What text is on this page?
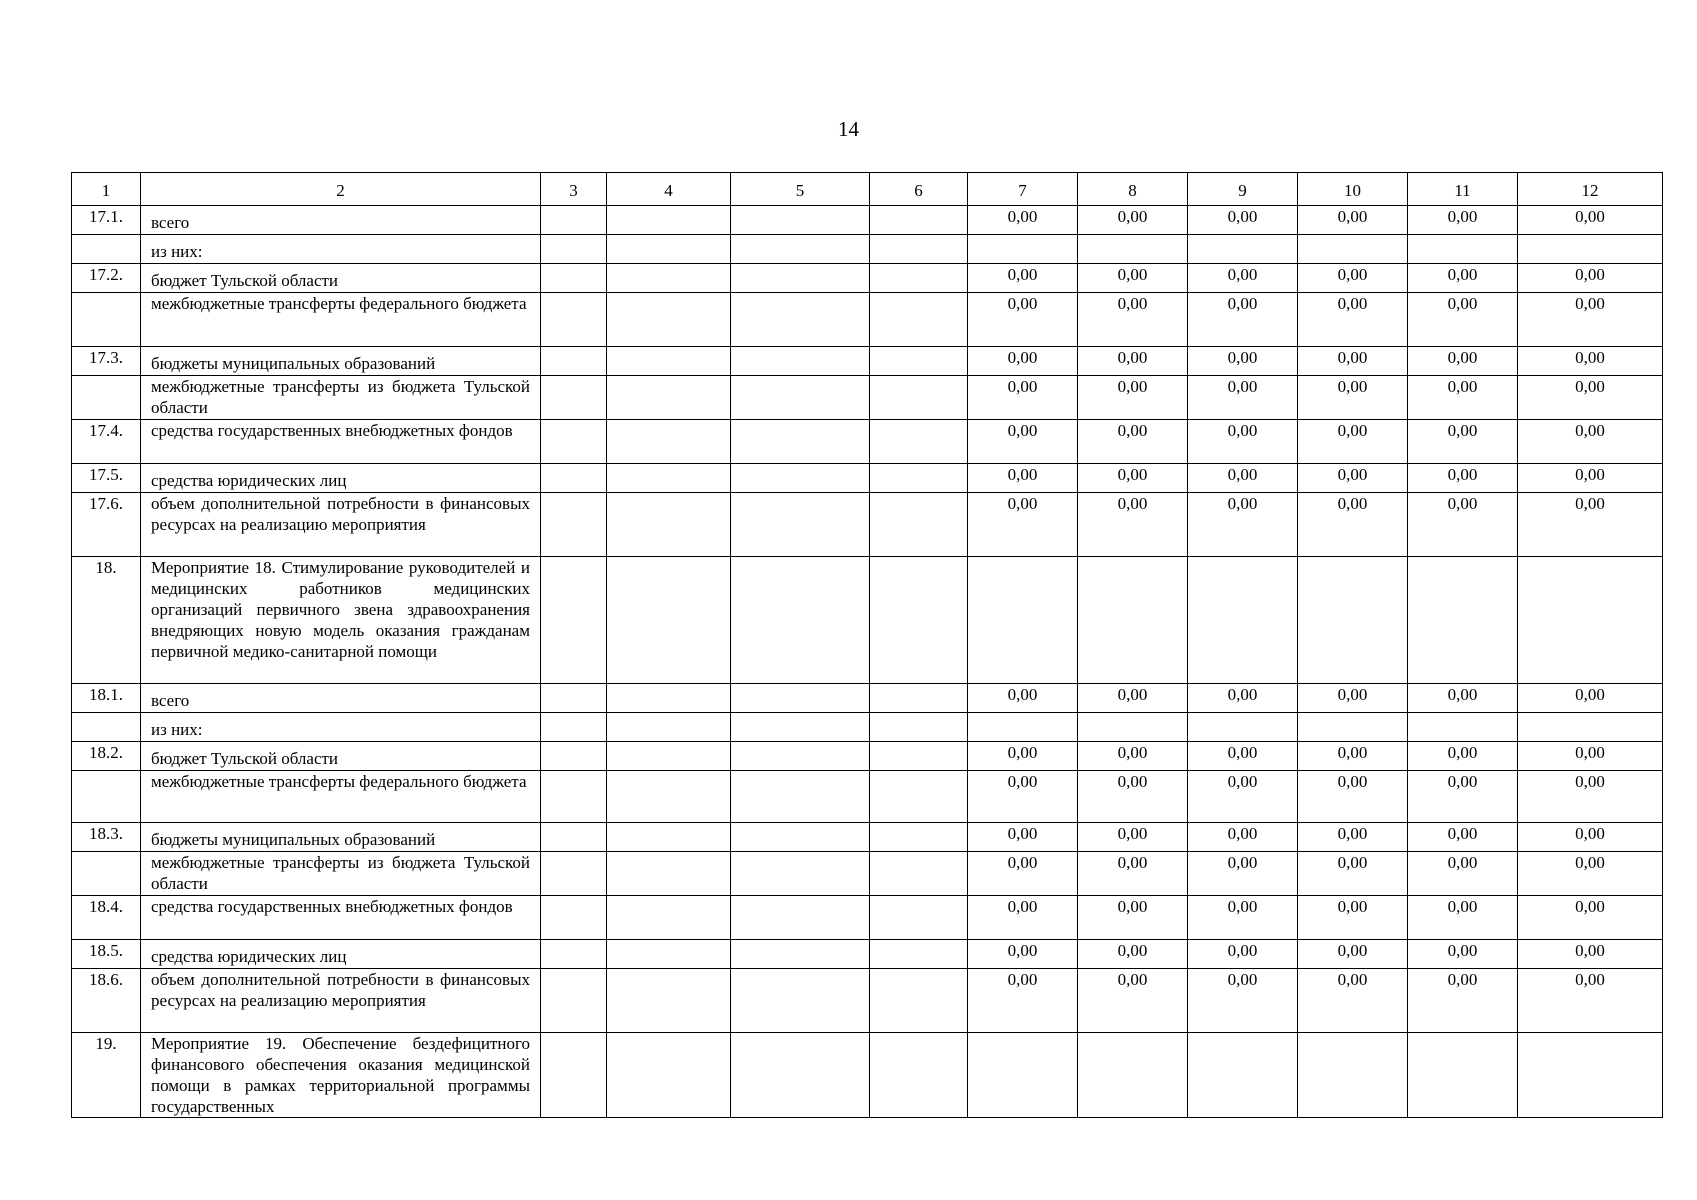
14
1	2	3	4	5	6	7	8	9	10	11	12
17.1.	всего					0,00	0,00	0,00	0,00	0,00	0,00
	из них:										
17.2.	бюджет Тульской области					0,00	0,00	0,00	0,00	0,00	0,00
	межбюджетные трансферты федерального бюджета					0,00	0,00	0,00	0,00	0,00	0,00
17.3.	бюджеты муниципальных образований					0,00	0,00	0,00	0,00	0,00	0,00
	межбюджетные трансферты из бюджета Тульской области					0,00	0,00	0,00	0,00	0,00	0,00
17.4.	средства государственных внебюджетных фондов					0,00	0,00	0,00	0,00	0,00	0,00
17.5.	средства юридических лиц					0,00	0,00	0,00	0,00	0,00	0,00
17.6.	объем дополнительной потребности в финансовых ресурсах на реализацию мероприятия					0,00	0,00	0,00	0,00	0,00	0,00
18.	Мероприятие 18. Стимулирование руководителей и медицинских работников медицинских организаций первичного звена здравоохранения внедряющих новую модель оказания гражданам первичной медико-санитарной помощи										
18.1.	всего					0,00	0,00	0,00	0,00	0,00	0,00
	из них:										
18.2.	бюджет Тульской области					0,00	0,00	0,00	0,00	0,00	0,00
	межбюджетные трансферты федерального бюджета					0,00	0,00	0,00	0,00	0,00	0,00
18.3.	бюджеты муниципальных образований					0,00	0,00	0,00	0,00	0,00	0,00
	межбюджетные трансферты из бюджета Тульской области					0,00	0,00	0,00	0,00	0,00	0,00
18.4.	средства государственных внебюджетных фондов					0,00	0,00	0,00	0,00	0,00	0,00
18.5.	средства юридических лиц					0,00	0,00	0,00	0,00	0,00	0,00
18.6.	объем дополнительной потребности в финансовых ресурсах на реализацию мероприятия					0,00	0,00	0,00	0,00	0,00	0,00
19.	Мероприятие 19. Обеспечение бездефицитного финансового обеспечения оказания медицинской помощи в рамках территориальной программы государственных										
